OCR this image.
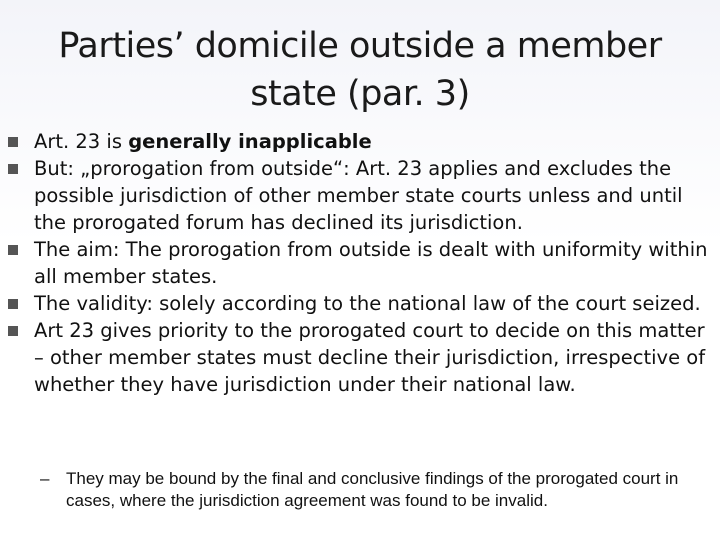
Parties’ domicile outside a member state (par. 3)
Art. 23 is generally inapplicable
But: „prorogation from outside“: Art. 23 applies and excludes the possible jurisdiction of other member state courts unless and until the prorogated forum has declined its jurisdiction.
The aim: The prorogation from outside is dealt with uniformity within all member states.
The validity: solely according to the national law of the court seized.
Art 23 gives priority to the prorogated court to decide on this matter – other member states must decline their jurisdiction, irrespective of whether they have jurisdiction under their national law.
– They may be bound by the final and conclusive findings of the prorogated court in cases, where the jurisdiction agreement was found to be invalid.
